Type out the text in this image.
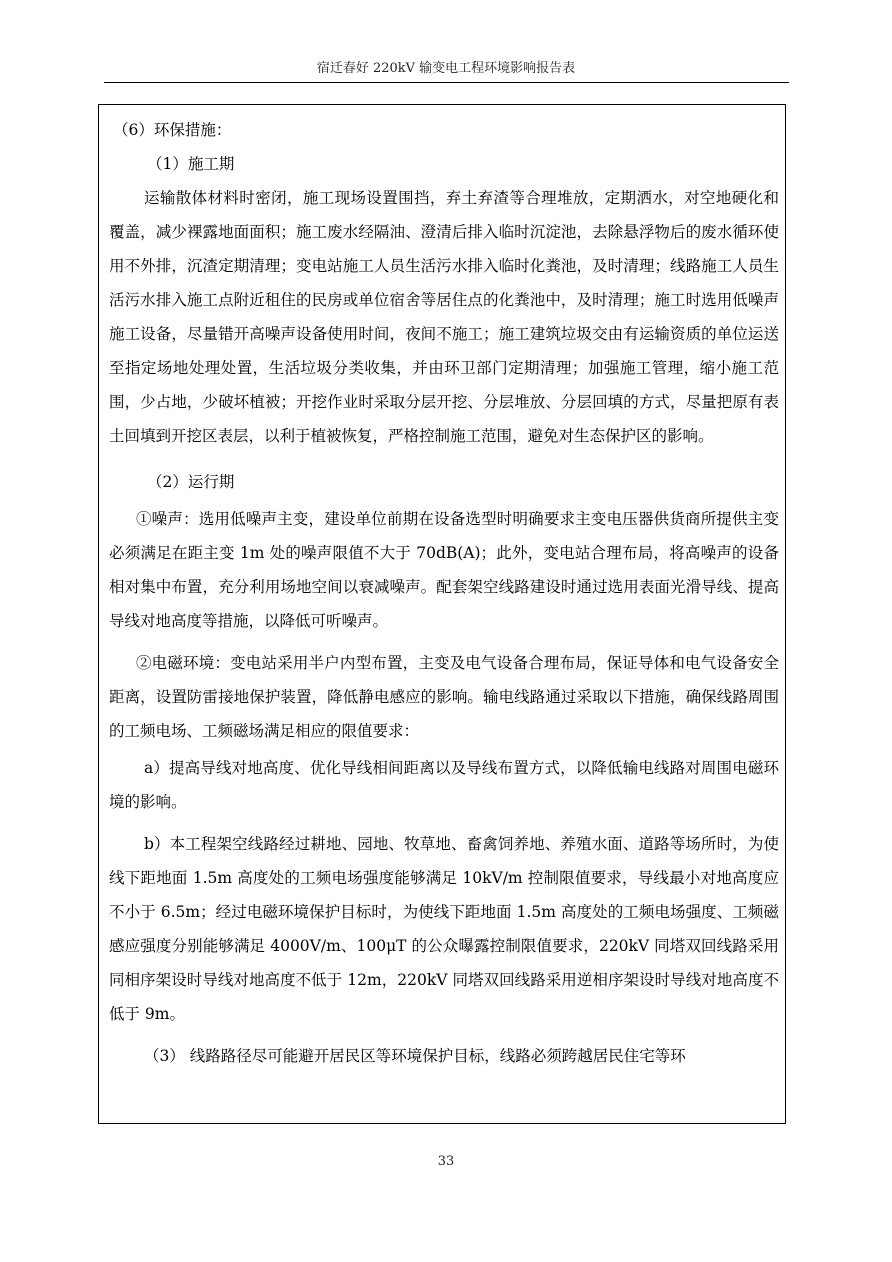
宿迁春好 220kV 输变电工程环境影响报告表

（6）环保措施：

（1）施工期

运输散体材料时密闭，施工现场设置围挡，弃土弃渣等合理堆放，定期洒水，对空地硬化和覆盖，减少裸露地面面积；施工废水经隔油、澄清后排入临时沉淀池，去除悬浮物后的废水循环使用不外排，沉渣定期清理；变电站施工人员生活污水排入临时化粪池，及时清理；线路施工人员生活污水排入施工点附近租住的民房或单位宿舍等居住点的化粪池中，及时清理；施工时选用低噪声施工设备，尽量错开高噪声设备使用时间，夜间不施工；施工建筑垃圾交由有运输资质的单位运送至指定场地处理处置，生活垃圾分类收集，并由环卫部门定期清理；加强施工管理，缩小施工范围，少占地，少破坏植被；开挖作业时采取分层开挖、分层堆放、分层回填的方式，尽量把原有表土回填到开挖区表层，以利于植被恢复，严格控制施工范围，避免对生态保护区的影响。

（2）运行期

①噪声：选用低噪声主变，建设单位前期在设备选型时明确要求主变电压器供货商所提供主变必须满足在距主变 1m 处的噪声限值不大于 70dB(A)；此外，变电站合理布局，将高噪声的设备相对集中布置，充分利用场地空间以衰减噪声。配套架空线路建设时通过选用表面光滑导线、提高导线对地高度等措施，以降低可听噪声。

②电磁环境：变电站采用半户内型布置，主变及电气设备合理布局，保证导体和电气设备安全距离，设置防雷接地保护装置，降低静电感应的影响。输电线路通过采取以下措施，确保线路周围的工频电场、工频磁场满足相应的限值要求：

a）提高导线对地高度、优化导线相间距离以及导线布置方式，以降低输电线路对周围电磁环境的影响。

b）本工程架空线路经过耕地、园地、牧草地、畜禽饲养地、养殖水面、道路等场所时，为使线下距地面 1.5m 高度处的工频电场强度能够满足 10kV/m 控制限值要求，导线最小对地高度应不小于 6.5m；经过电磁环境保护目标时，为使线下距地面 1.5m 高度处的工频电场强度、工频磁感应强度分别能够满足 4000V/m、100μT 的公众曝露控制限值要求，220kV 同塔双回线路采用同相序架设时导线对地高度不低于 12m，220kV 同塔双回线路采用逆相序架设时导线对地高度不低于 9m。

（3） 线路路径尽可能避开居民区等环境保护目标，线路必须跨越居民住宅等环

33
